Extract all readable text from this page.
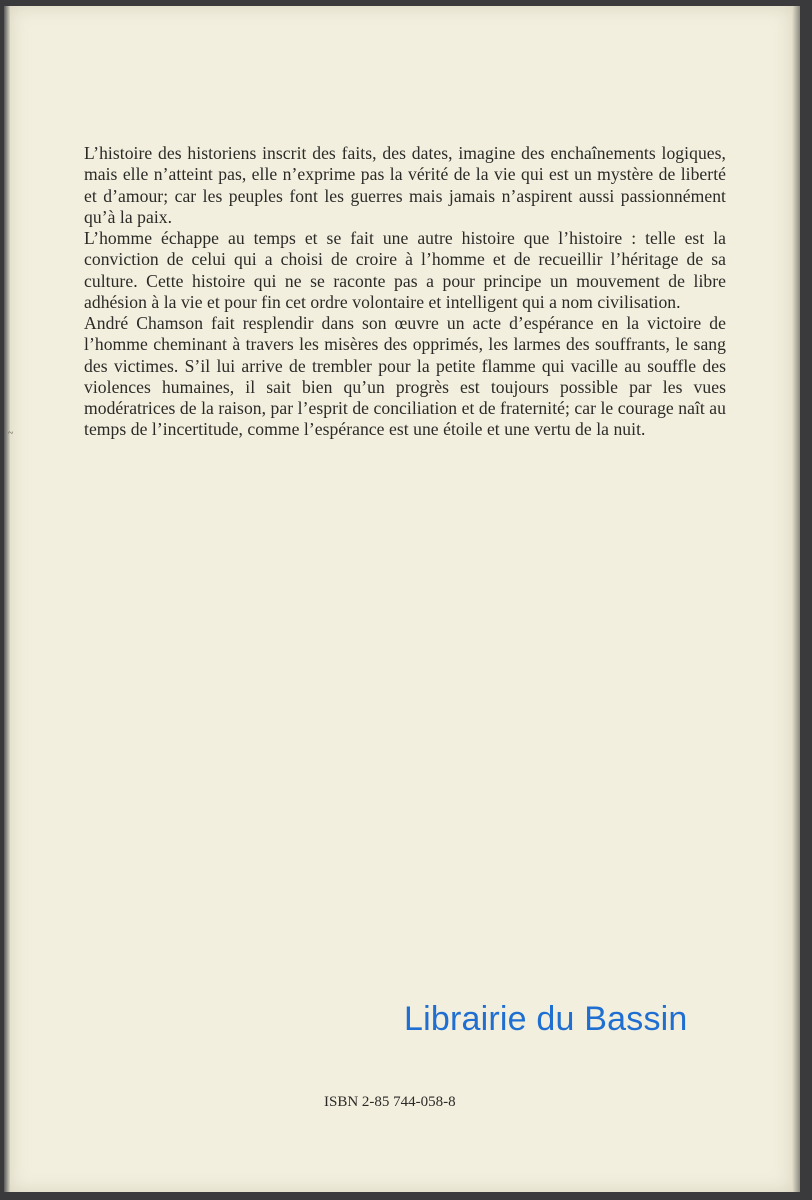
~

L’histoire des historiens inscrit des faits, des dates, imagine des enchaînements logiques, mais elle n’atteint pas, elle n’exprime pas la vérité de la vie qui est un mystère de liberté et d’amour; car les peuples font les guerres mais jamais n’aspirent aussi passionnément qu’à la paix.

L’homme échappe au temps et se fait une autre histoire que l’histoire : telle est la conviction de celui qui a choisi de croire à l’homme et de recueillir l’héritage de sa culture. Cette histoire qui ne se raconte pas a pour principe un mouvement de libre adhésion à la vie et pour fin cet ordre volontaire et intelligent qui a nom civilisation.

André Chamson fait resplendir dans son œuvre un acte d’espérance en la victoire de l’homme cheminant à travers les misères des opprimés, les larmes des souffrants, le sang des victimes. S’il lui arrive de trembler pour la petite flamme qui vacille au souffle des violences humaines, il sait bien qu’un progrès est toujours possible par les vues modératrices de la raison, par l’esprit de conciliation et de fraternité; car le courage naît au temps de l’incertitude, comme l’espérance est une étoile et une vertu de la nuit.

Librairie du Bassin
ISBN 2-85 744-058-8
